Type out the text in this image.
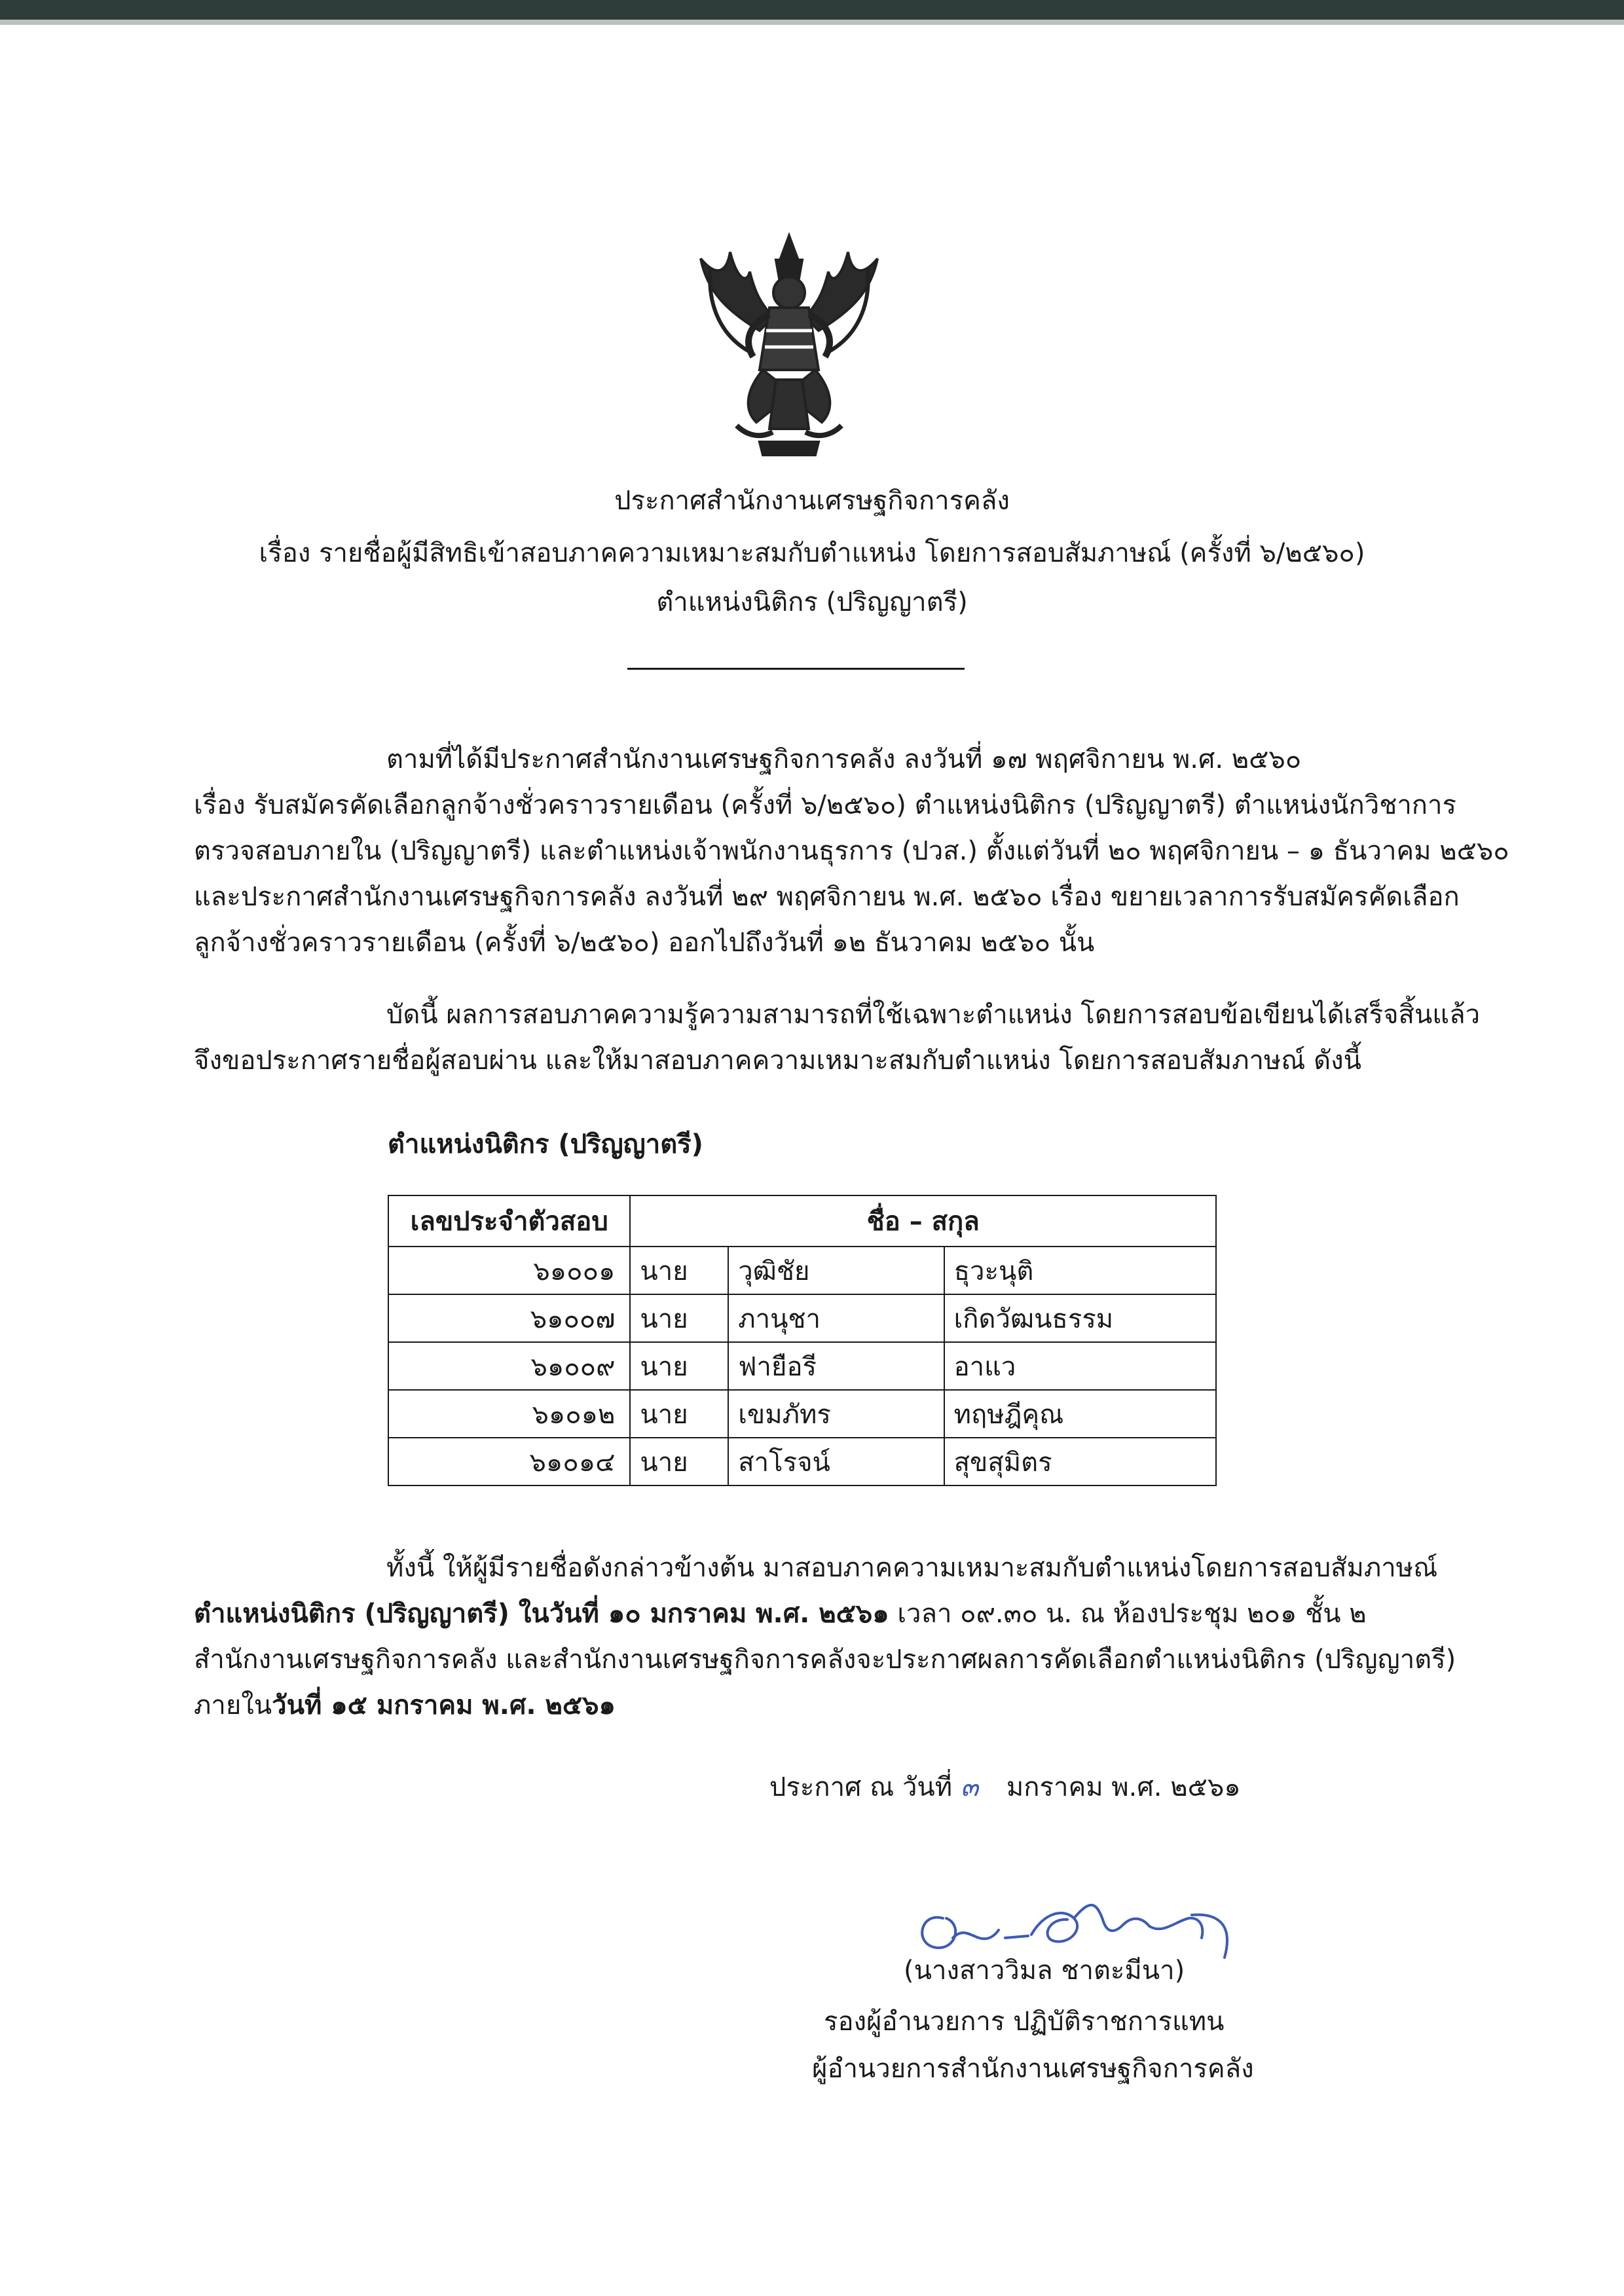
ประกาศสำนักงานเศรษฐกิจการคลัง
เรื่อง รายชื่อผู้มีสิทธิเข้าสอบภาคความเหมาะสมกับตำแหน่ง โดยการสอบสัมภาษณ์ (ครั้งที่ ๖/๒๕๖๐)
ตำแหน่งนิติกร (ปริญญาตรี)
ตามที่ได้มีประกาศสำนักงานเศรษฐกิจการคลัง ลงวันที่ ๑๗ พฤศจิกายน พ.ศ. ๒๕๖๐
เรื่อง รับสมัครคัดเลือกลูกจ้างชั่วคราวรายเดือน (ครั้งที่ ๖/๒๕๖๐) ตำแหน่งนิติกร (ปริญญาตรี) ตำแหน่งนักวิชาการ
ตรวจสอบภายใน (ปริญญาตรี) และตำแหน่งเจ้าพนักงานธุรการ (ปวส.) ตั้งแต่วันที่ ๒๐ พฤศจิกายน – ๑ ธันวาคม ๒๕๖๐
และประกาศสำนักงานเศรษฐกิจการคลัง ลงวันที่ ๒๙ พฤศจิกายน พ.ศ. ๒๕๖๐ เรื่อง ขยายเวลาการรับสมัครคัดเลือก
ลูกจ้างชั่วคราวรายเดือน (ครั้งที่ ๖/๒๕๖๐) ออกไปถึงวันที่ ๑๒ ธันวาคม ๒๕๖๐ นั้น
บัดนี้ ผลการสอบภาคความรู้ความสามารถที่ใช้เฉพาะตำแหน่ง โดยการสอบข้อเขียนได้เสร็จสิ้นแล้ว
จึงขอประกาศรายชื่อผู้สอบผ่าน และให้มาสอบภาคความเหมาะสมกับตำแหน่ง โดยการสอบสัมภาษณ์ ดังนี้
ตำแหน่งนิติกร (ปริญญาตรี)
เลขประจำตัวสอบ	ชื่อ – สกุล		
๖๑๐๐๑	นาย	วุฒิชัย	ธุวะนุติ
๖๑๐๐๗	นาย	ภานุชา	เกิดวัฒนธรรม
๖๑๐๐๙	นาย	ฟายือรี	อาแว
๖๑๐๑๒	นาย	เขมภัทร	ทฤษฎีคุณ
๖๑๐๑๔	นาย	สาโรจน์	สุขสุมิตร
ทั้งนี้ ให้ผู้มีรายชื่อดังกล่าวข้างต้น มาสอบภาคความเหมาะสมกับตำแหน่งโดยการสอบสัมภาษณ์
ตำแหน่งนิติกร (ปริญญาตรี) ในวันที่ ๑๐ มกราคม พ.ศ. ๒๕๖๑ เวลา ๐๙.๓๐ น. ณ ห้องประชุม ๒๐๑ ชั้น ๒
สำนักงานเศรษฐกิจการคลัง และสำนักงานเศรษฐกิจการคลังจะประกาศผลการคัดเลือกตำแหน่งนิติกร (ปริญญาตรี)
ภายในวันที่ ๑๕ มกราคม พ.ศ. ๒๕๖๑
ประกาศ ณ วันที่ ๓ มกราคม พ.ศ. ๒๕๖๑
(นางสาววิมล ชาตะมีนา)
รองผู้อำนวยการ ปฏิบัติราชการแทน
ผู้อำนวยการสำนักงานเศรษฐกิจการคลัง
